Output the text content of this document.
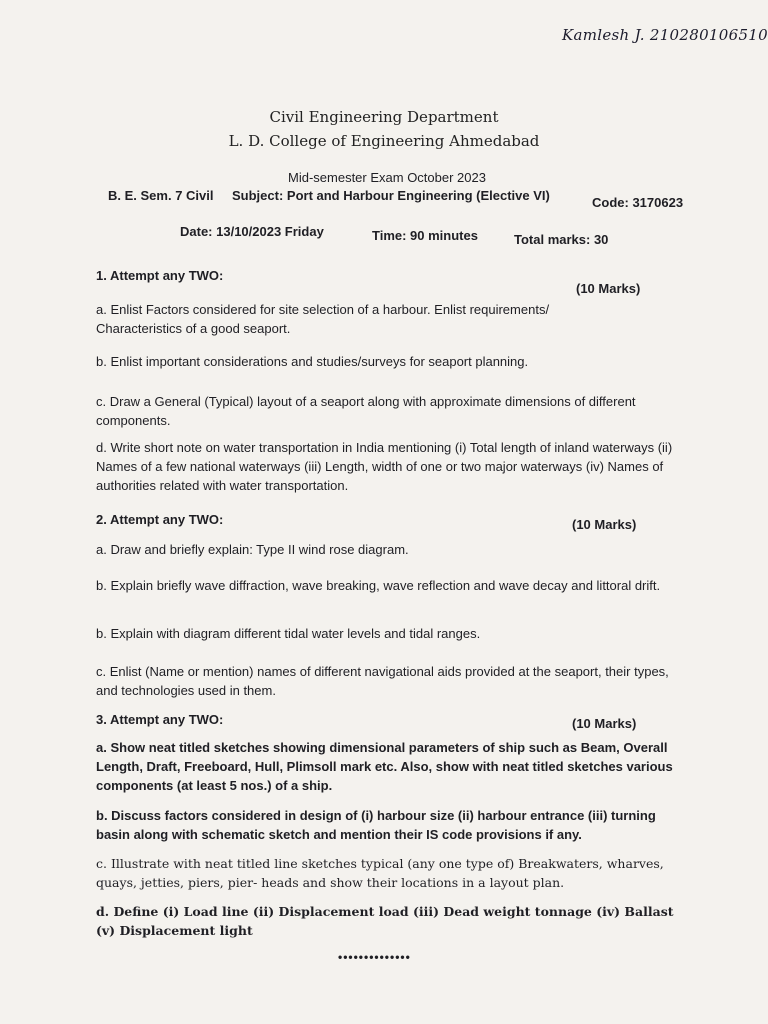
Kamlesh J. 210280106510
Civil Engineering Department
L. D. College of Engineering Ahmedabad
Mid-semester Exam October 2023
B. E. Sem. 7 Civil Subject: Port and Harbour Engineering (Elective VI)	Code: 3170623
Date: 13/10/2023 Friday	Time: 90 minutes	Total marks: 30
1. Attempt any TWO:
(10 Marks)
a. Enlist Factors considered for site selection of a harbour. Enlist requirements/ Characteristics of a good seaport.
b. Enlist important considerations and studies/surveys for seaport planning.
c. Draw a General (Typical) layout of a seaport along with approximate dimensions of different components.
d. Write short note on water transportation in India mentioning (i) Total length of inland waterways (ii) Names of a few national waterways (iii) Length, width of one or two major waterways (iv) Names of authorities related with water transportation.
2. Attempt any TWO:	(10 Marks)
a. Draw and briefly explain: Type II wind rose diagram.
b. Explain briefly wave diffraction, wave breaking, wave reflection and wave decay and littoral drift.
b. Explain with diagram different tidal water levels and tidal ranges.
c. Enlist (Name or mention) names of different navigational aids provided at the seaport, their types, and technologies used in them.
3. Attempt any TWO:	(10 Marks)
a. Show neat titled sketches showing dimensional parameters of ship such as Beam, Overall Length, Draft, Freeboard, Hull, Plimsoll mark etc. Also, show with neat titled sketches various components (at least 5 nos.) of a ship.
b. Discuss factors considered in design of (i) harbour size (ii) harbour entrance (iii) turning basin along with schematic sketch and mention their IS code provisions if any.
c. Illustrate with neat titled line sketches typical (any one type of) Breakwaters, wharves, quays, jetties, piers, pier- heads and show their locations in a layout plan.
d. Define (i) Load line (ii) Displacement load (iii) Dead weight tonnage (iv) Ballast (v) Displacement light
••••••••••••••
